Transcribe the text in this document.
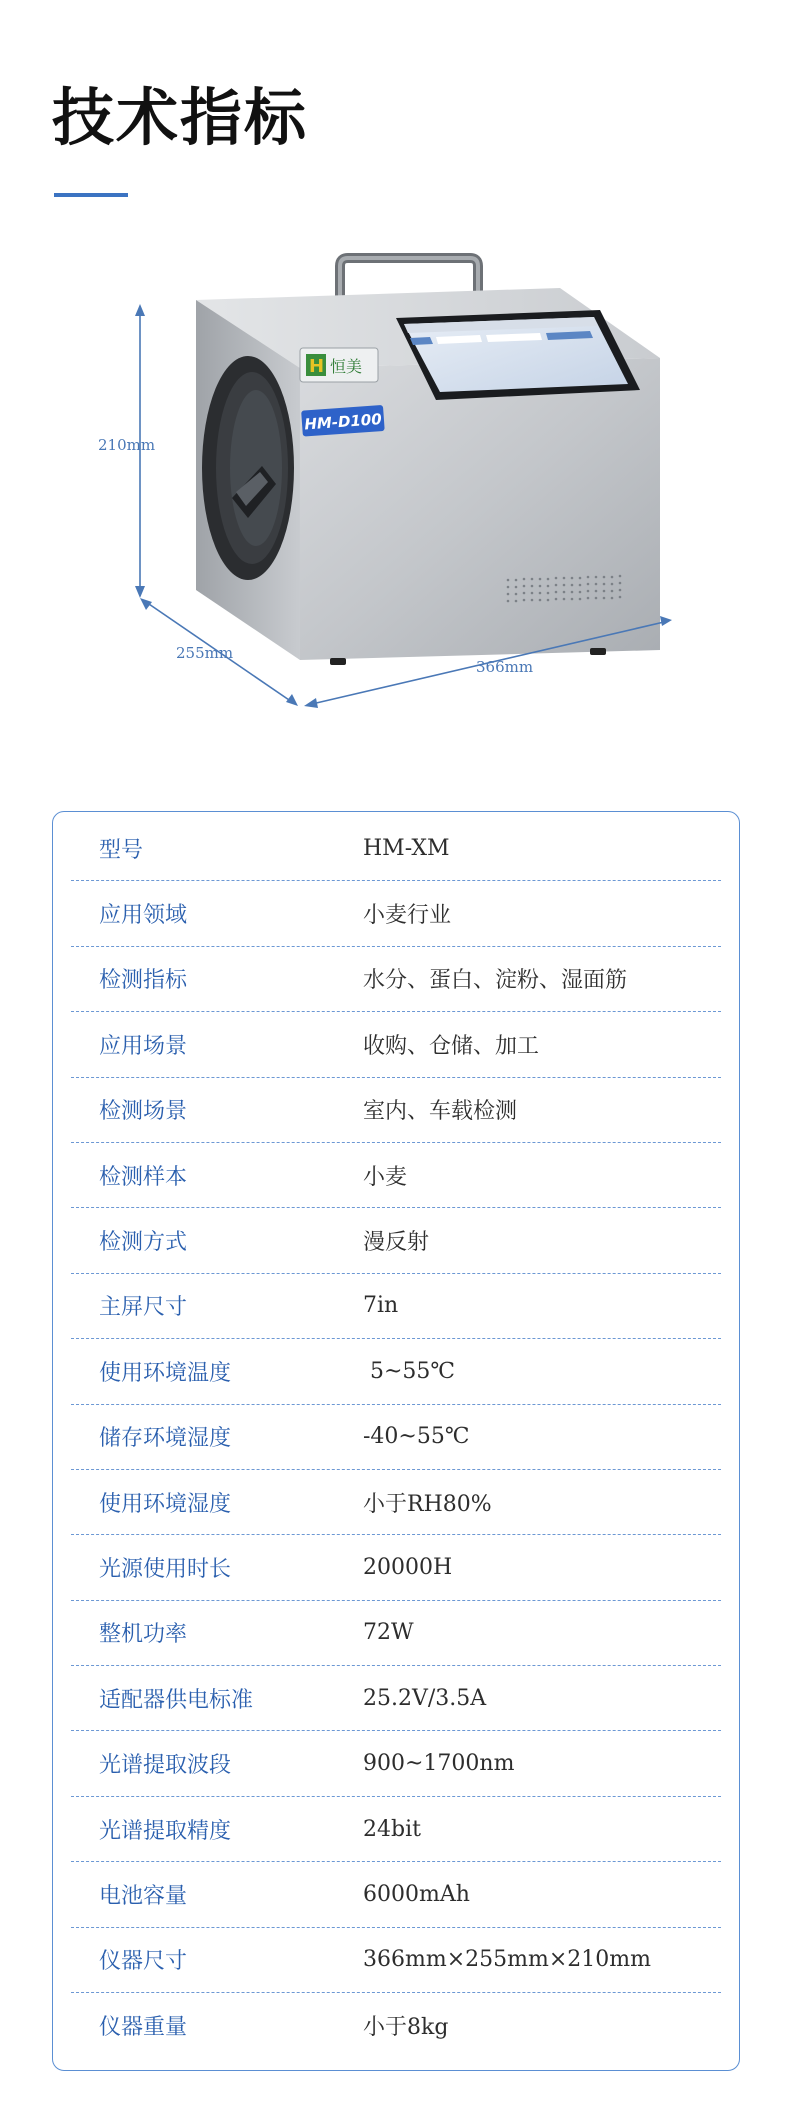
技术指标
H 恒美
HM-D100
210mm
255mm
366mm
型号	HM-XM
应用领域	小麦行业
检测指标	水分、蛋白、淀粉、湿面筋
应用场景	收购、仓储、加工
检测场景	室内、车载检测
检测样本	小麦
检测方式	漫反射
主屏尺寸	7in
使用环境温度	5~55℃
储存环境湿度	-40~55℃
使用环境湿度	小于RH80%
光源使用时长	20000H
整机功率	72W
适配器供电标准	25.2V/3.5A
光谱提取波段	900~1700nm
光谱提取精度	24bit
电池容量	6000mAh
仪器尺寸	366mm×255mm×210mm
仪器重量	小于8kg
